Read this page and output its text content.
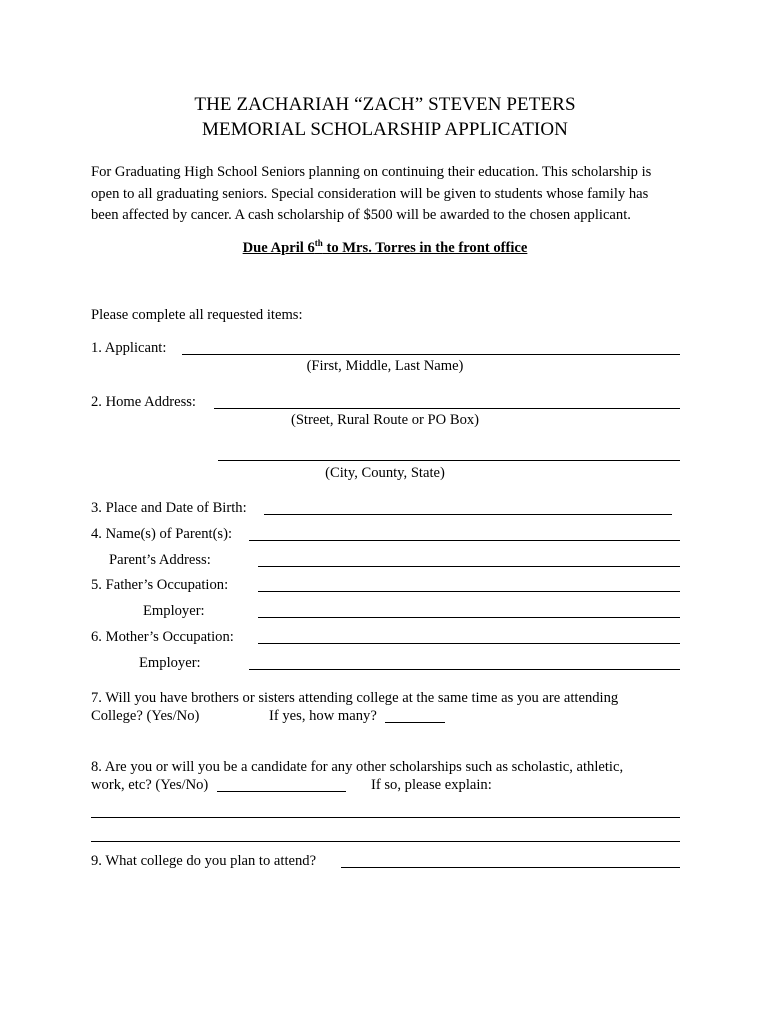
THE ZACHARIAH “ZACH” STEVEN PETERS
MEMORIAL SCHOLARSHIP APPLICATION
For Graduating High School Seniors planning on continuing their education. This scholarship is
open to all graduating seniors. Special consideration will be given to students whose family has
been affected by cancer. A cash scholarship of $500 will be awarded to the chosen applicant.
Due April 6th to Mrs. Torres in the front office
Please complete all requested items:
1. Applicant:
(First, Middle, Last Name)
2. Home Address:
(Street, Rural Route or PO Box)
(City, County, State)
3. Place and Date of Birth:
4. Name(s) of Parent(s):
Parent’s Address:
5. Father’s Occupation:
Employer:
6. Mother’s Occupation:
Employer:
7. Will you have brothers or sisters attending college at the same time as you are attending
College? (Yes/No)	If yes, how many?
8. Are you or will you be a candidate for any other scholarships such as scholastic, athletic,
work, etc? (Yes/No)	If so, please explain:
9. What college do you plan to attend?
